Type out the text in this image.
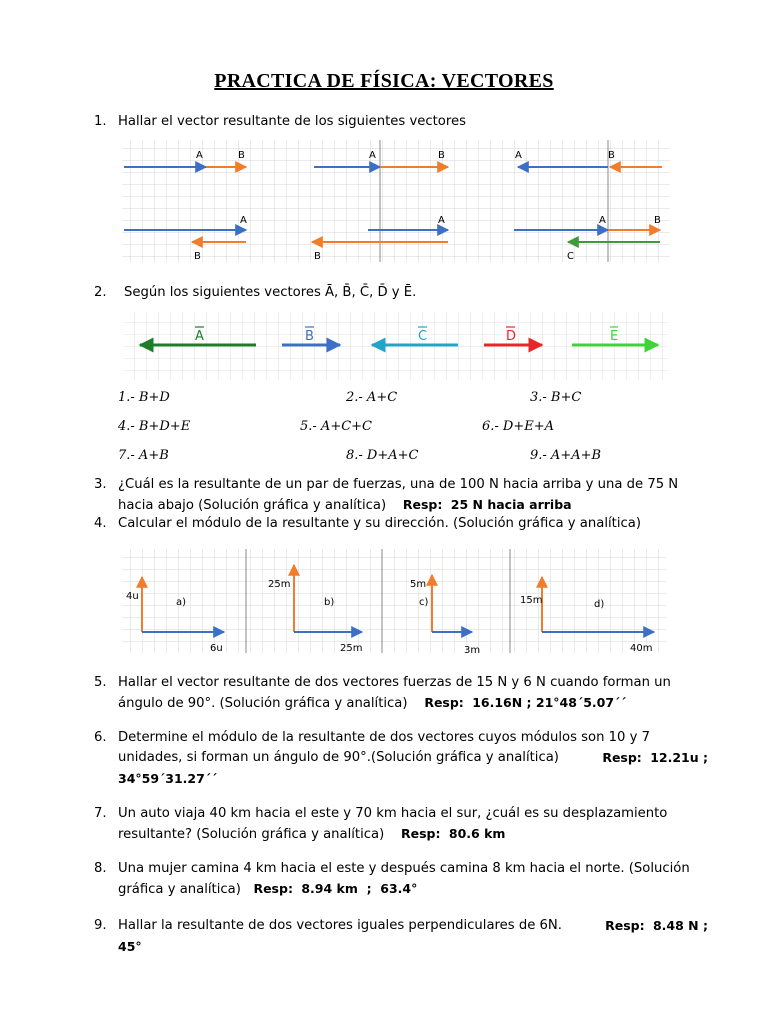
PRACTICA DE FÍSICA: VECTORES
1. Hallar el vector resultante de los siguientes vectores
A	B	A	B	A	B
A
B
A
B
A	B
C
2. Según los siguientes vectores Ā, B̄, C̄, D̄ y Ē.
A	B	C	D	E
1.- B+D	2.- A+C	3.- B+C
4.- B+D+E	5.- A+C+C	6.- D+E+A
7.- A+B	8.- D+A+C	9.- A+A+B
3. ¿Cuál es la resultante de un par de fuerzas, una de 100 N hacia arriba y una de 75 N
hacia abajo (Solución gráfica y analítica) Resp: 25 N hacia arriba
4. Calcular el módulo de la resultante y su dirección. (Solución gráfica y analítica)
4u
6u
a)
25m
25m
b)
5m
3m
c)	15m
40m
d)
5. Hallar el vector resultante de dos vectores fuerzas de 15 N y 6 N cuando forman un
ángulo de 90°. (Solución gráfica y analítica) Resp: 16.16N ; 21°48´5.07´´
6. Determine el módulo de la resultante de dos vectores cuyos módulos son 10 y 7
unidades, si forman un ángulo de 90°.(Solución gráfica y analítica)	Resp: 12.21u ;
34°59´31.27´´
7. Un auto viaja 40 km hacia el este y 70 km hacia el sur, ¿cuál es su desplazamiento
resultante? (Solución gráfica y analítica) Resp: 80.6 km
8. Una mujer camina 4 km hacia el este y después camina 8 km hacia el norte. (Solución
gráfica y analítica) Resp: 8.94 km  ;  63.4°
9. Hallar la resultante de dos vectores iguales perpendiculares de 6N.	Resp: 8.48 N ;
45°
